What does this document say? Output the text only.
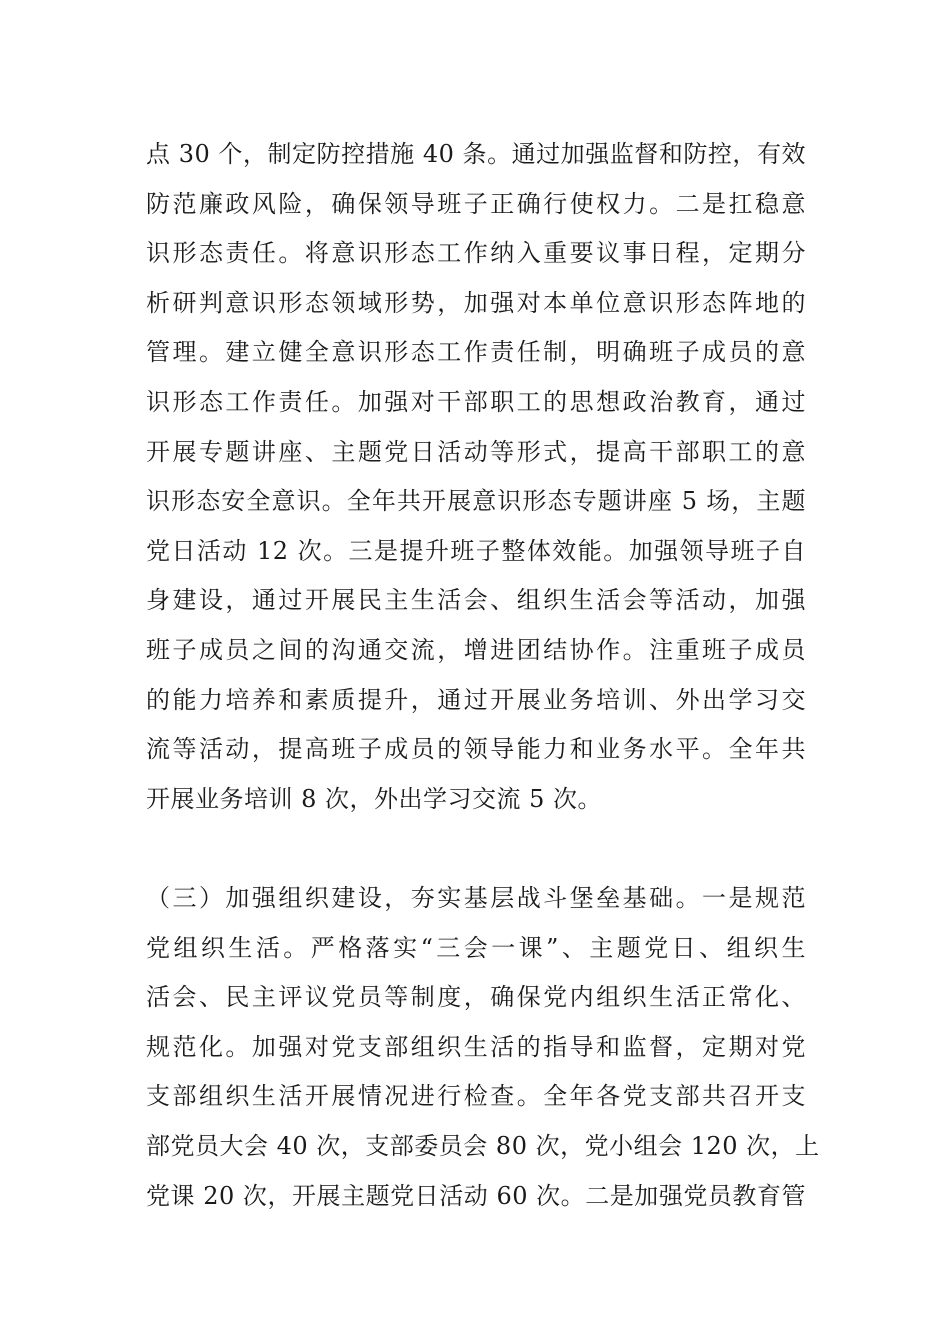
点 30 个，制定防控措施 40 条。通过加强监督和防控，有效
防范廉政风险，确保领导班子正确行使权力。二是扛稳意
识形态责任。将意识形态工作纳入重要议事日程，定期分
析研判意识形态领域形势，加强对本单位意识形态阵地的
管理。建立健全意识形态工作责任制，明确班子成员的意
识形态工作责任。加强对干部职工的思想政治教育，通过
开展专题讲座、主题党日活动等形式，提高干部职工的意
识形态安全意识。全年共开展意识形态专题讲座 5 场，主题
党日活动 12 次。三是提升班子整体效能。加强领导班子自
身建设，通过开展民主生活会、组织生活会等活动，加强
班子成员之间的沟通交流，增进团结协作。注重班子成员
的能力培养和素质提升，通过开展业务培训、外出学习交
流等活动，提高班子成员的领导能力和业务水平。全年共
开展业务培训 8 次，外出学习交流 5 次。
（三）加强组织建设，夯实基层战斗堡垒基础。一是规范
党组织生活。严格落实“三会一课”、主题党日、组织生
活会、民主评议党员等制度，确保党内组织生活正常化、
规范化。加强对党支部组织生活的指导和监督，定期对党
支部组织生活开展情况进行检查。全年各党支部共召开支
部党员大会 40 次，支部委员会 80 次，党小组会 120 次，上
党课 20 次，开展主题党日活动 60 次。二是加强党员教育管
